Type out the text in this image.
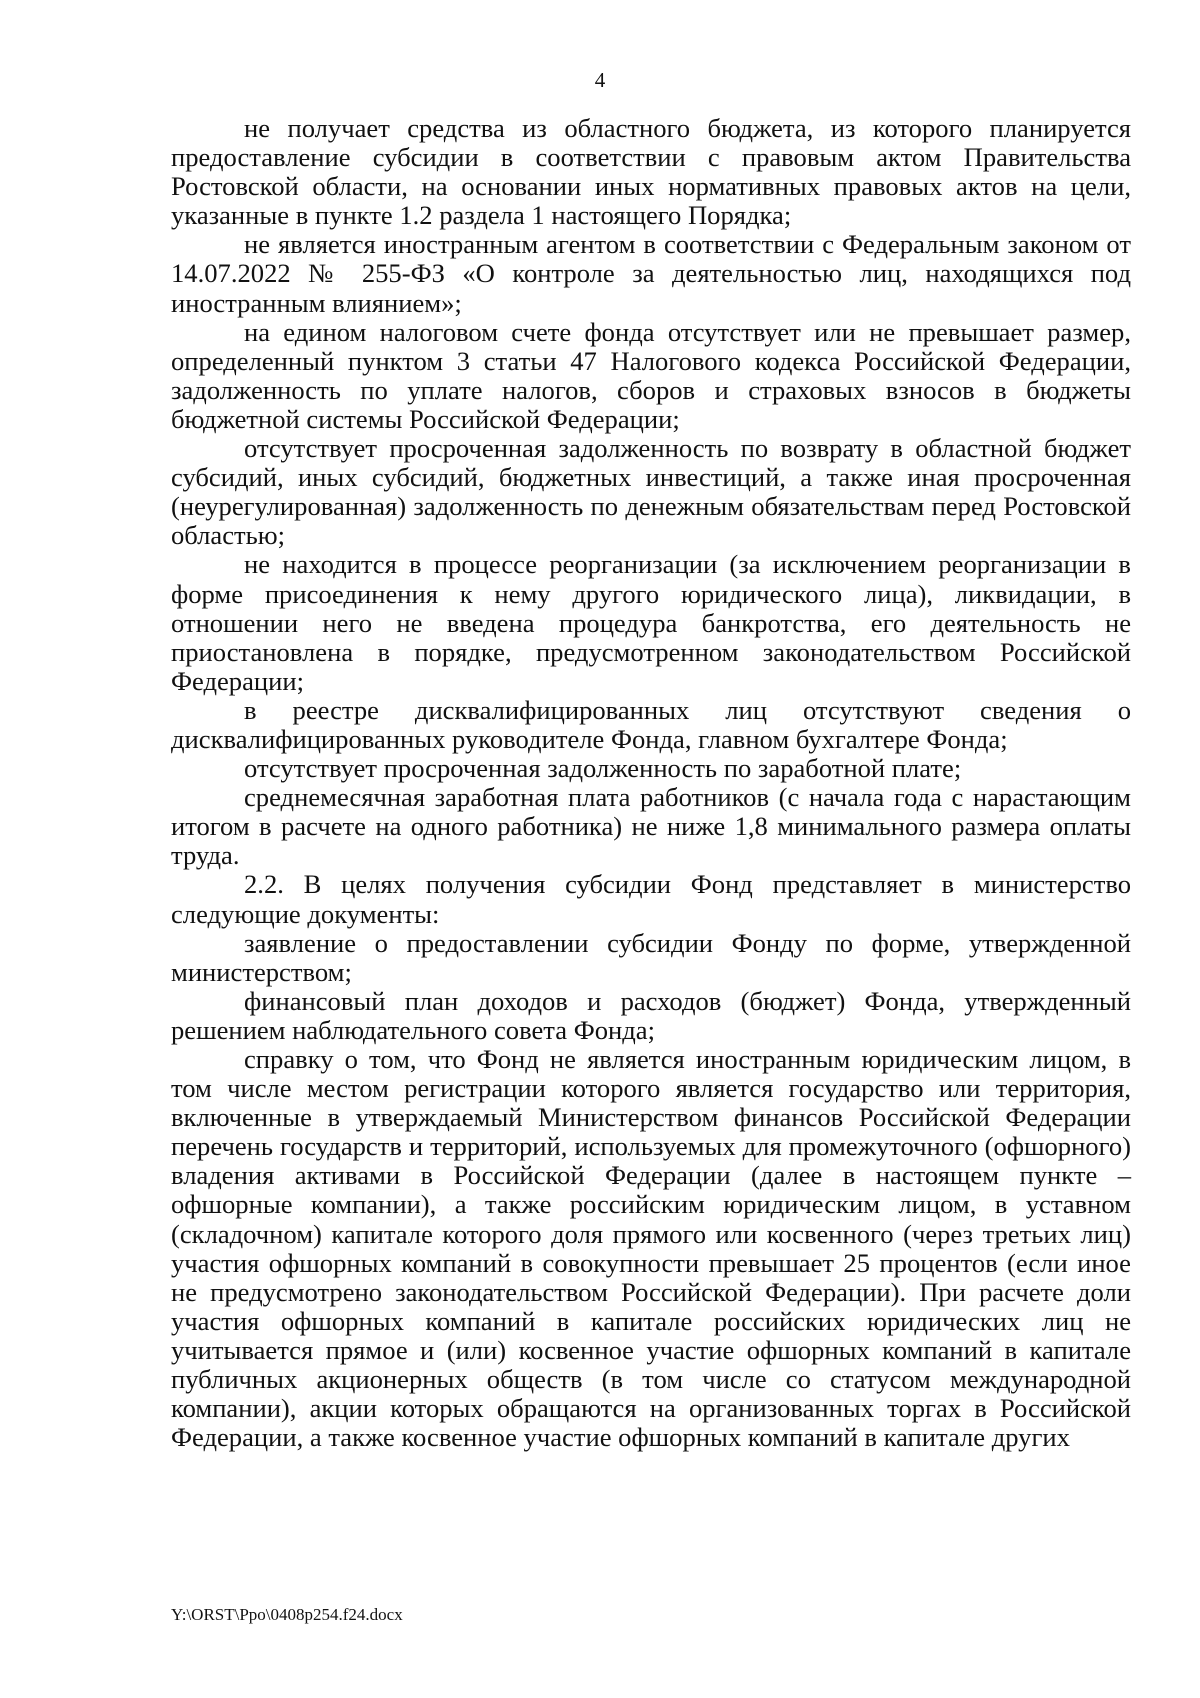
4

не получает средства из областного бюджета, из которого планируется предоставление субсидии в соответствии с правовым актом Правительства Ростовской области, на основании иных нормативных правовых актов на цели, указанные в пункте 1.2 раздела 1 настоящего Порядка;

не является иностранным агентом в соответствии с Федеральным законом от 14.07.2022 № 255-ФЗ «О контроле за деятельностью лиц, находящихся под иностранным влиянием»;

на едином налоговом счете фонда отсутствует или не превышает размер, определенный пунктом 3 статьи 47 Налогового кодекса Российской Федерации, задолженность по уплате налогов, сборов и страховых взносов в бюджеты бюджетной системы Российской Федерации;

отсутствует просроченная задолженность по возврату в областной бюджет субсидий, иных субсидий, бюджетных инвестиций, а также иная просроченная (неурегулированная) задолженность по денежным обязательствам перед Ростовской областью;

не находится в процессе реорганизации (за исключением реорганизации в форме присоединения к нему другого юридического лица), ликвидации, в отношении него не введена процедура банкротства, его деятельность не приостановлена в порядке, предусмотренном законодательством Российской Федерации;

в реестре дисквалифицированных лиц отсутствуют сведения о дисквалифицированных руководителе Фонда, главном бухгалтере Фонда;

отсутствует просроченная задолженность по заработной плате;

среднемесячная заработная плата работников (с начала года с нарастающим итогом в расчете на одного работника) не ниже 1,8 минимального размера оплаты труда.

2.2. В целях получения субсидии Фонд представляет в министерство следующие документы:

заявление о предоставлении субсидии Фонду по форме, утвержденной министерством;

финансовый план доходов и расходов (бюджет) Фонда, утвержденный решением наблюдательного совета Фонда;

справку о том, что Фонд не является иностранным юридическим лицом, в том числе местом регистрации которого является государство или территория, включенные в утверждаемый Министерством финансов Российской Федерации перечень государств и территорий, используемых для промежуточного (офшорного) владения активами в Российской Федерации (далее в настоящем пункте – офшорные компании), а также российским юридическим лицом, в уставном (складочном) капитале которого доля прямого или косвенного (через третьих лиц) участия офшорных компаний в совокупности превышает 25 процентов (если иное не предусмотрено законодательством Российской Федерации). При расчете доли участия офшорных компаний в капитале российских юридических лиц не учитывается прямое и (или) косвенное участие офшорных компаний в капитале публичных акционерных обществ (в том числе со статусом международной компании), акции которых обращаются на организованных торгах в Российской Федерации, а также косвенное участие офшорных компаний в капитале других

Y:\ORST\Ppo\0408p254.f24.docx
